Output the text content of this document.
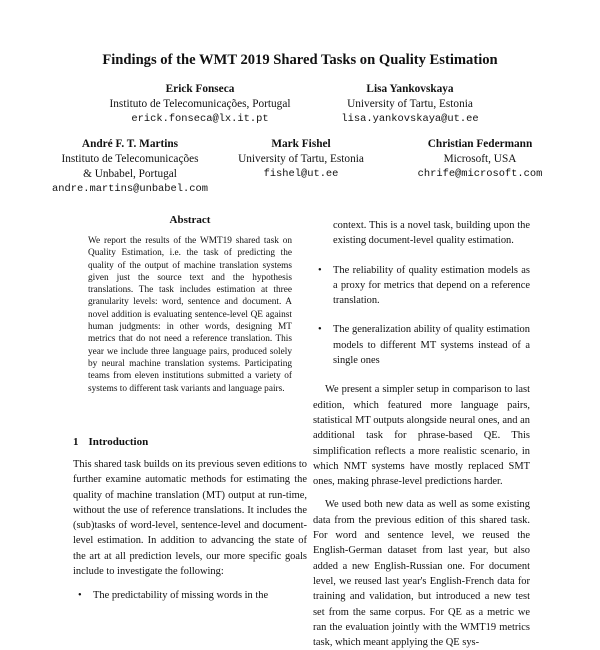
Findings of the WMT 2019 Shared Tasks on Quality Estimation
Erick Fonseca
Instituto de Telecomunicações, Portugal
erick.fonseca@lx.it.pt
Lisa Yankovskaya
University of Tartu, Estonia
lisa.yankovskaya@ut.ee
André F. T. Martins
Instituto de Telecomunicações
& Unbabel, Portugal
andre.martins@unbabel.com
Mark Fishel
University of Tartu, Estonia
fishel@ut.ee
Christian Federmann
Microsoft, USA
chrife@microsoft.com
Abstract
We report the results of the WMT19 shared task on Quality Estimation, i.e. the task of predicting the quality of the output of machine translation systems given just the source text and the hypothesis translations. The task includes estimation at three granularity levels: word, sentence and document. A novel addition is evaluating sentence-level QE against human judgments: in other words, designing MT metrics that do not need a reference translation. This year we include three language pairs, produced solely by neural machine translation systems. Participating teams from eleven institutions submitted a variety of systems to different task variants and language pairs.
1 Introduction

This shared task builds on its previous seven editions to further examine automatic methods for estimating the quality of machine translation (MT) output at run-time, without the use of reference translations. It includes the (sub)tasks of word-level, sentence-level and document-level estimation. In addition to advancing the state of the art at all prediction levels, our more specific goals include to investigate the following:

• The predictability of missing words in the

context. This is a novel task, building upon the existing document-level quality estimation.

• The reliability of quality estimation models as a proxy for metrics that depend on a reference translation.
• The generalization ability of quality estimation models to different MT systems instead of a single ones

We present a simpler setup in comparison to last edition, which featured more language pairs, statistical MT outputs alongside neural ones, and an additional task for phrase-based QE. This simplification reflects a more realistic scenario, in which NMT systems have mostly replaced SMT ones, making phrase-level predictions harder.

We used both new data as well as some existing data from the previous edition of this shared task. For word and sentence level, we reused the English-German dataset from last year, but also added a new English-Russian one. For document level, we reused last year's English-French data for training and validation, but introduced a new test set from the same corpus. For QE as a metric we ran the evaluation jointly with the WMT19 metrics task, which meant applying the QE sys-
